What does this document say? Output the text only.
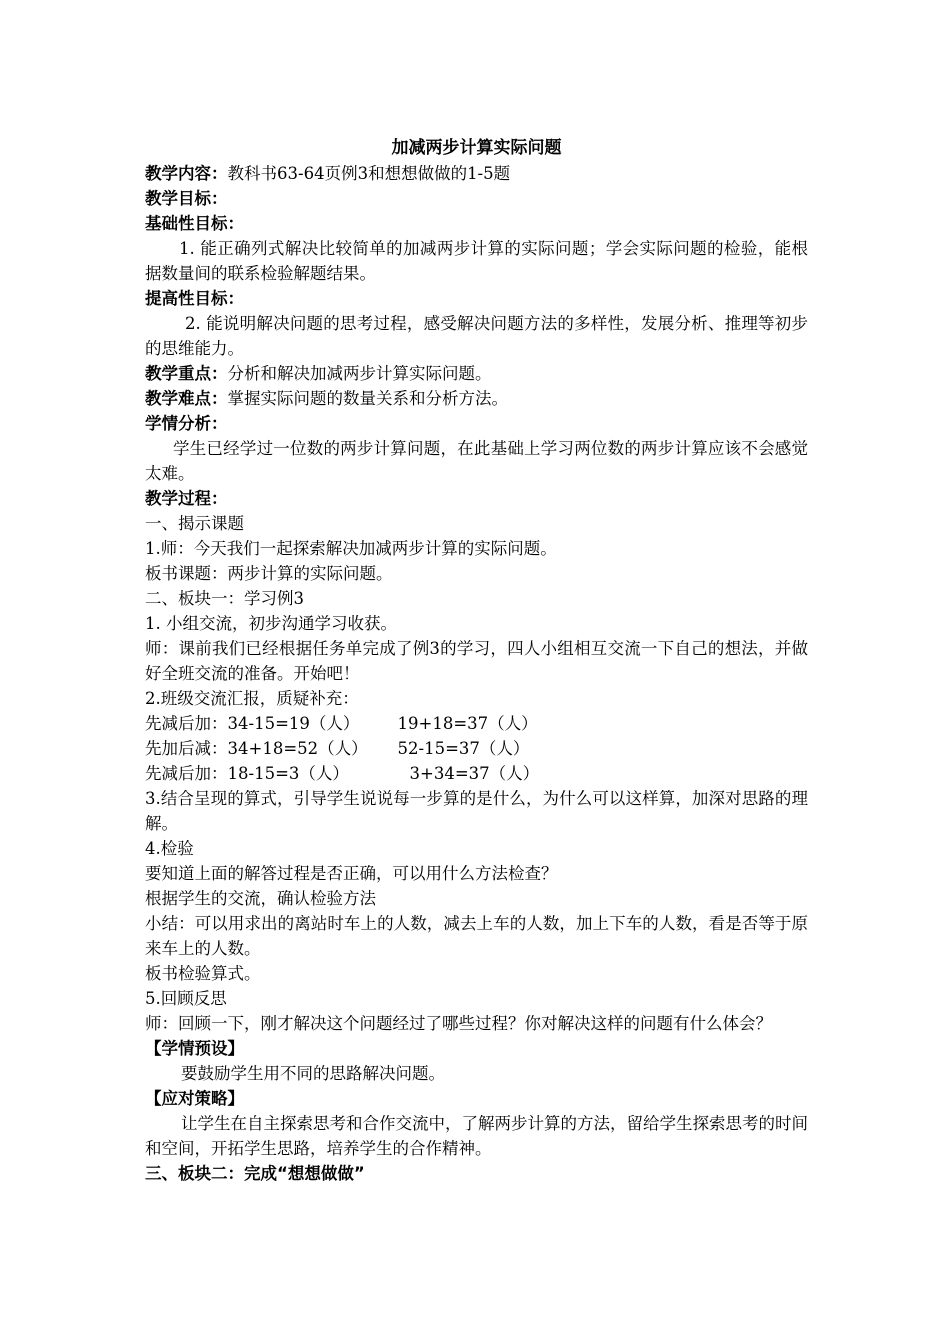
加减两步计算实际问题
教学内容：教科书63-64页例3和想想做做的1-5题
教学目标：
基础性目标：
1. 能正确列式解决比较简单的加减两步计算的实际问题；学会实际问题的检验，能根据数量间的联系检验解题结果。
提高性目标：
2. 能说明解决问题的思考过程，感受解决问题方法的多样性，发展分析、推理等初步的思维能力。
教学重点：分析和解决加减两步计算实际问题。
教学难点：掌握实际问题的数量关系和分析方法。
学情分析：
学生已经学过一位数的两步计算问题，在此基础上学习两位数的两步计算应该不会感觉太难。
教学过程：
一、揭示课题
1.师：今天我们一起探索解决加减两步计算的实际问题。
板书课题：两步计算的实际问题。
二、板块一：学习例3
1. 小组交流，初步沟通学习收获。
师：课前我们已经根据任务单完成了例3的学习，四人小组相互交流一下自己的想法，并做好全班交流的准备。开始吧！
2.班级交流汇报，质疑补充：
先减后加：34-15=19（人） 19+18=37（人）
先加后减：34+18=52（人） 52-15=37（人）
先减后加：18-15=3（人）	3+34=37（人）
3.结合呈现的算式，引导学生说说每一步算的是什么，为什么可以这样算，加深对思路的理解。
4.检验
要知道上面的解答过程是否正确，可以用什么方法检查？
根据学生的交流，确认检验方法
小结：可以用求出的离站时车上的人数，减去上车的人数，加上下车的人数，看是否等于原来车上的人数。
板书检验算式。
5.回顾反思
师：回顾一下，刚才解决这个问题经过了哪些过程？你对解决这样的问题有什么体会？
【学情预设】
要鼓励学生用不同的思路解决问题。
【应对策略】
让学生在自主探索思考和合作交流中，了解两步计算的方法，留给学生探索思考的时间和空间，开拓学生思路，培养学生的合作精神。
三、板块二：完成“想想做做”
